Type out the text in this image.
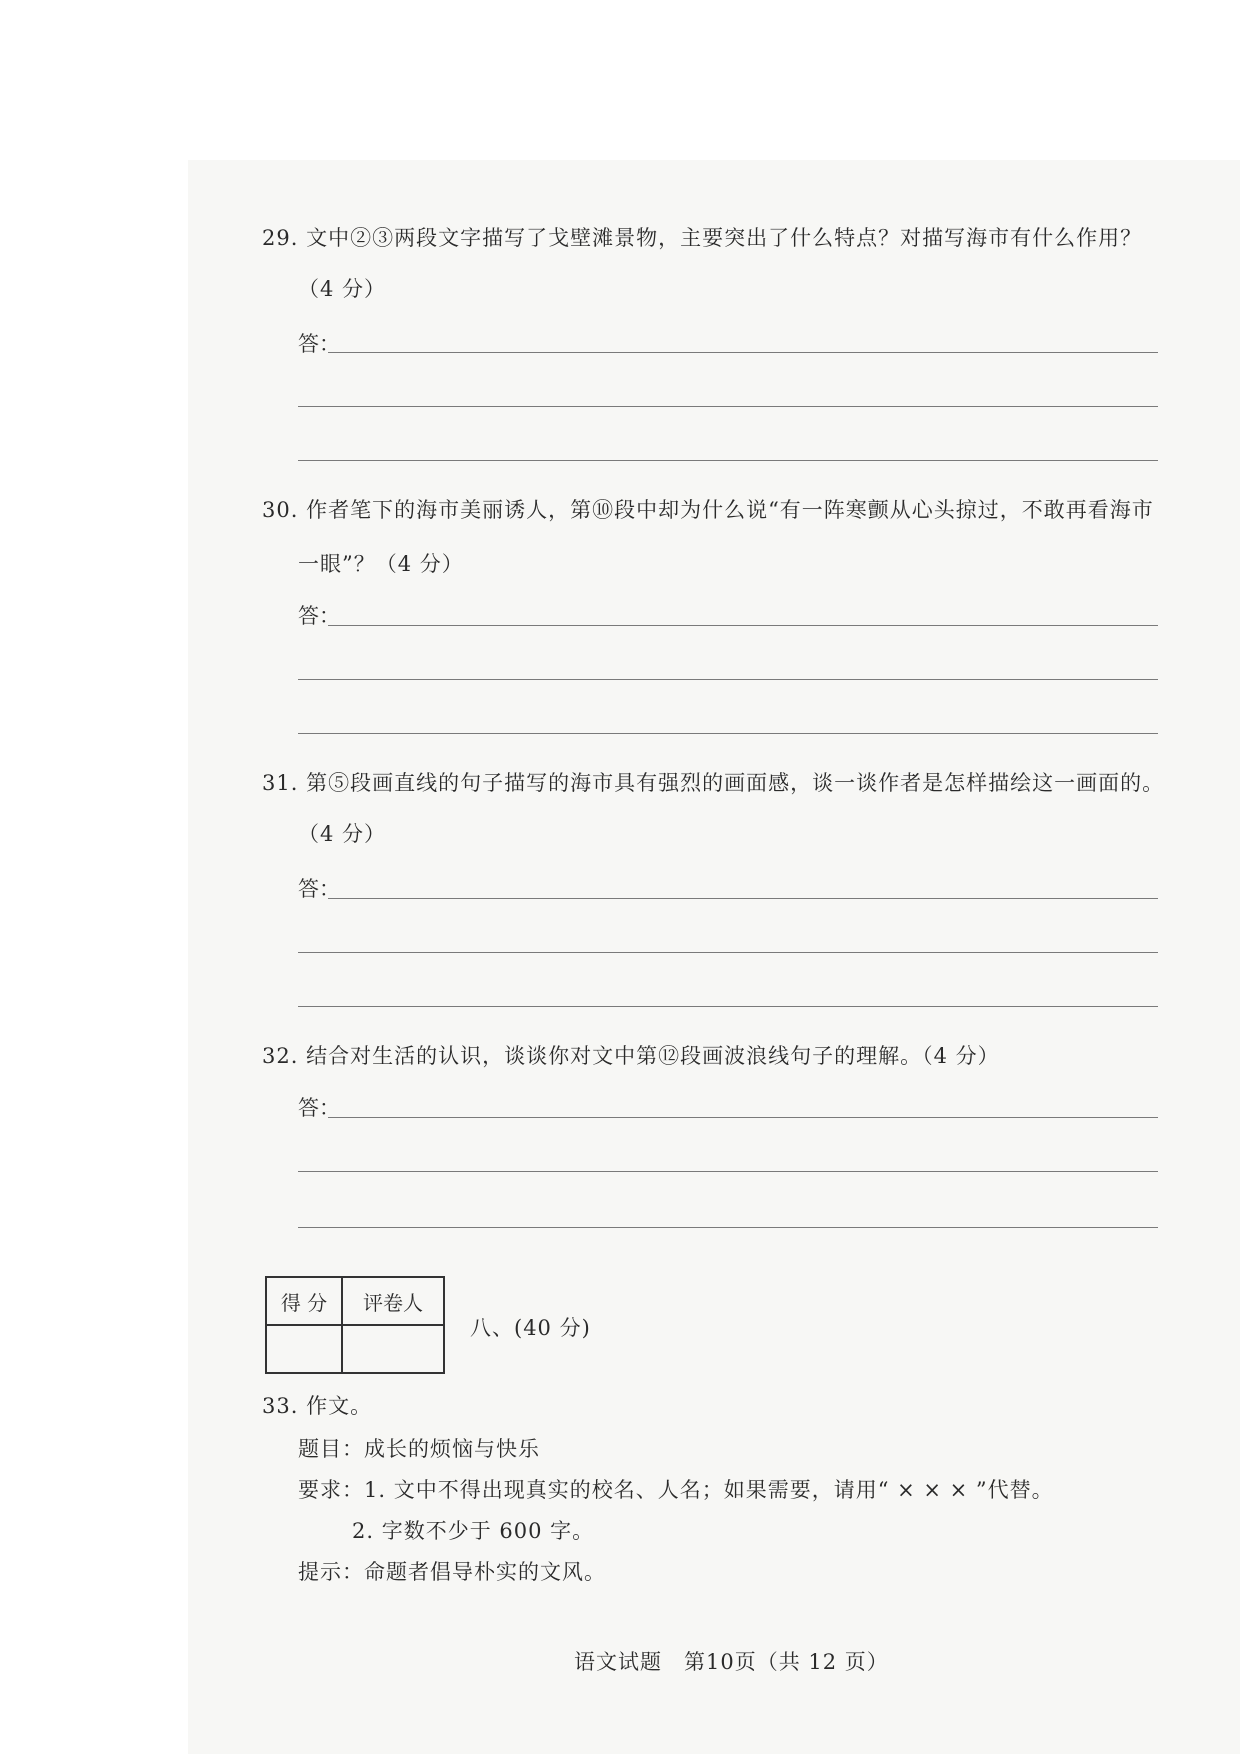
29. 文中②③两段文字描写了戈壁滩景物，主要突出了什么特点？对描写海市有什么作用？
（4 分）
答：
30. 作者笔下的海市美丽诱人，第⑩段中却为什么说“有一阵寒颤从心头掠过，不敢再看海市
一眼”？（4 分）
答：
31. 第⑤段画直线的句子描写的海市具有强烈的画面感，谈一谈作者是怎样描绘这一画面的。
（4 分）
答：
32. 结合对生活的认识，谈谈你对文中第⑫段画波浪线句子的理解。（4 分）
答：
得 分	评卷人

八、(40 分)
33. 作文。
题目：成长的烦恼与快乐
要求：1. 文中不得出现真实的校名、人名；如果需要，请用“ × × × ”代替。
2. 字数不少于 600 字。
提示：命题者倡导朴实的文风。
语文试题　第10页（共 12 页）
